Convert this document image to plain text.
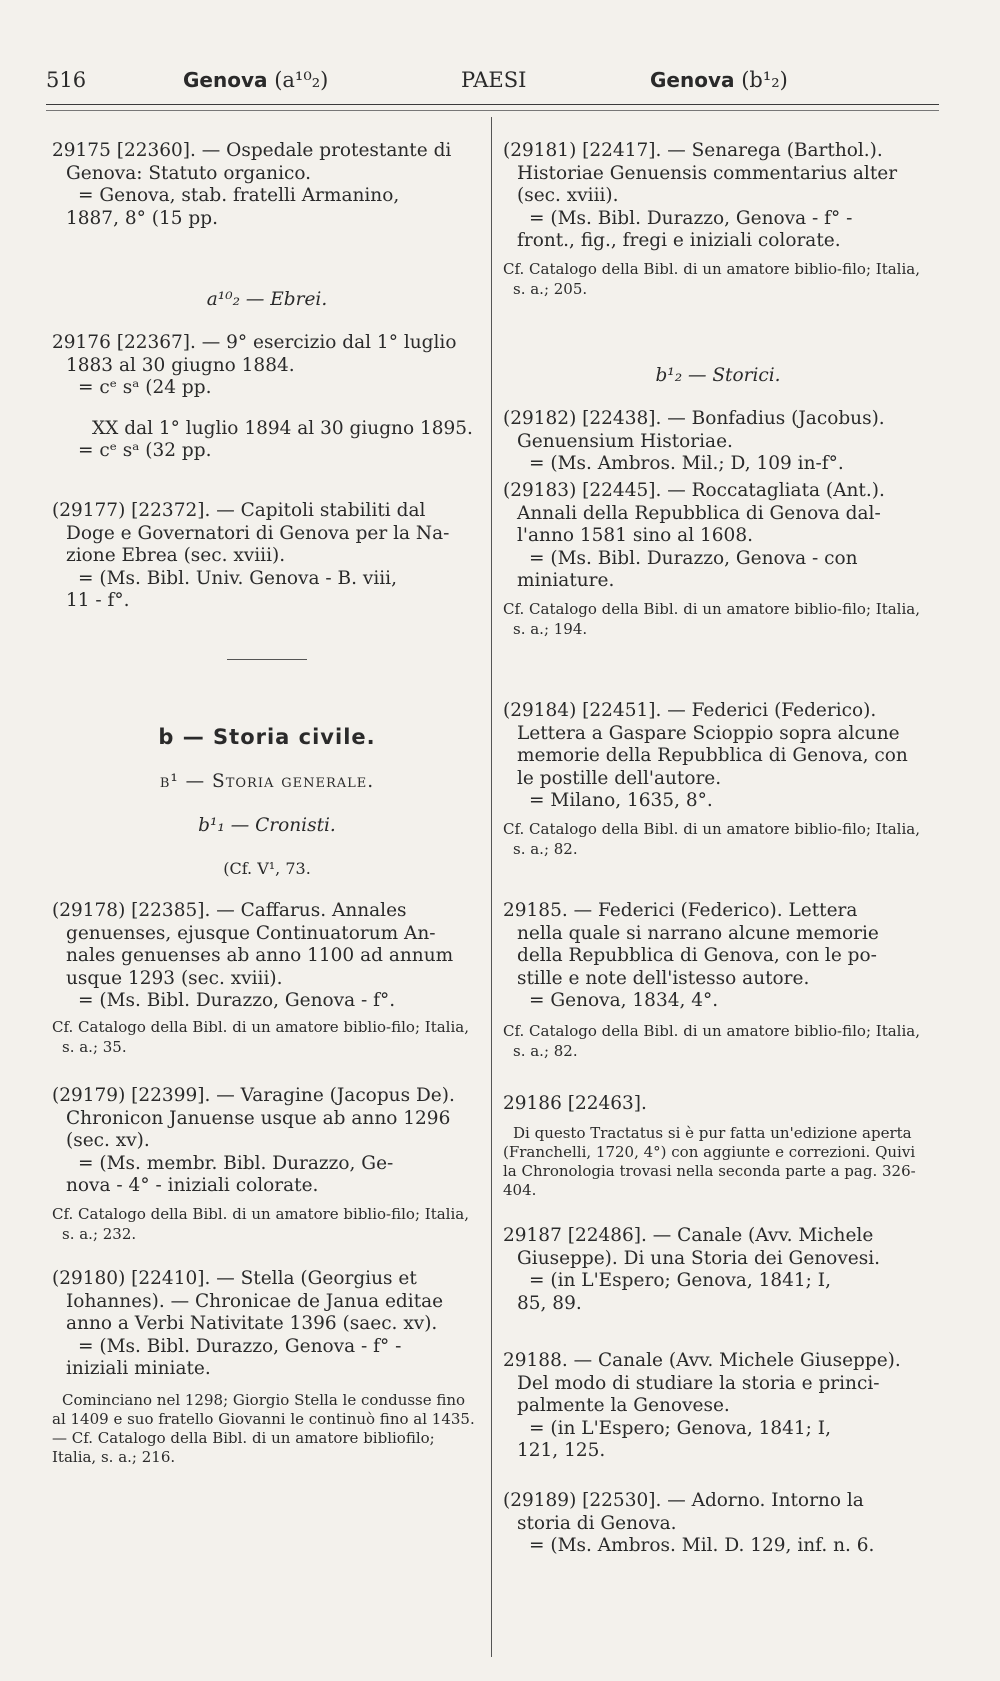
516	Genova (a¹⁰₂)	PAESI	Genova (b¹₂)
29175 [22360]. — Ospedale protestante di
Genova: Statuto organico.
= Genova, stab. fratelli Armanino,
1887, 8° (15 pp.
a¹⁰₂ — Ebrei.
29176 [22367]. — 9° esercizio dal 1° luglio
1883 al 30 giugno 1884.
= cᵉ sᵃ (24 pp.
XX dal 1° luglio 1894 al 30 giugno 1895.
= cᵉ sᵃ (32 pp.
(29177) [22372]. — Capitoli stabiliti dal
Doge e Governatori di Genova per la Na-
zione Ebrea (sec. xviii).
= (Ms. Bibl. Univ. Genova - B. viii,
11 - f°.
b — Storia civile.
b¹ — Storia generale.
b¹₁ — Cronisti.
(Cf. V¹, 73.
(29178) [22385]. — Caffarus. Annales
genuenses, ejusque Continuatorum An-
nales genuenses ab anno 1100 ad annum
usque 1293 (sec. xviii).
= (Ms. Bibl. Durazzo, Genova - f°.
Cf. Catalogo della Bibl. di un amatore biblio-filo; Italia, s. a.; 35.
(29179) [22399]. — Varagine (Jacopus De).
Chronicon Januense usque ab anno 1296
(sec. xv).
= (Ms. membr. Bibl. Durazzo, Ge-
nova - 4° - iniziali colorate.
Cf. Catalogo della Bibl. di un amatore biblio-filo; Italia, s. a.; 232.
(29180) [22410]. — Stella (Georgius et
Iohannes). — Chronicae de Janua editae
anno a Verbi Nativitate 1396 (saec. xv).
= (Ms. Bibl. Durazzo, Genova - f° -
iniziali miniate.
Cominciano nel 1298; Giorgio Stella le condusse fino al 1409 e suo fratello Giovanni le continuò fino al 1435. — Cf. Catalogo della Bibl. di un amatore bibliofilo; Italia, s. a.; 216.
(29181) [22417]. — Senarega (Barthol.).
Historiae Genuensis commentarius alter
(sec. xviii).
= (Ms. Bibl. Durazzo, Genova - f° -
front., fig., fregi e iniziali colorate.
Cf. Catalogo della Bibl. di un amatore biblio-filo; Italia, s. a.; 205.
b¹₂ — Storici.
(29182) [22438]. — Bonfadius (Jacobus).
Genuensium Historiae.
= (Ms. Ambros. Mil.; D, 109 in-f°.
(29183) [22445]. — Roccatagliata (Ant.).
Annali della Repubblica di Genova dal-
l'anno 1581 sino al 1608.
= (Ms. Bibl. Durazzo, Genova - con
miniature.
Cf. Catalogo della Bibl. di un amatore biblio-filo; Italia, s. a.; 194.
(29184) [22451]. — Federici (Federico).
Lettera a Gaspare Scioppio sopra alcune
memorie della Repubblica di Genova, con
le postille dell'autore.
= Milano, 1635, 8°.
Cf. Catalogo della Bibl. di un amatore biblio-filo; Italia, s. a.; 82.
29185. — Federici (Federico). Lettera
nella quale si narrano alcune memorie
della Repubblica di Genova, con le po-
stille e note dell'istesso autore.
= Genova, 1834, 4°.
Cf. Catalogo della Bibl. di un amatore biblio-filo; Italia, s. a.; 82.
29186 [22463].
Di questo Tractatus si è pur fatta un'edizione aperta (Franchelli, 1720, 4°) con aggiunte e correzioni. Quivi la Chronologia trovasi nella seconda parte a pag. 326-404.
29187 [22486]. — Canale (Avv. Michele
Giuseppe). Di una Storia dei Genovesi.
= (in L'Espero; Genova, 1841; I,
85, 89.
29188. — Canale (Avv. Michele Giuseppe).
Del modo di studiare la storia e princi-
palmente la Genovese.
= (in L'Espero; Genova, 1841; I,
121, 125.
(29189) [22530]. — Adorno. Intorno la
storia di Genova.
= (Ms. Ambros. Mil. D. 129, inf. n. 6.
